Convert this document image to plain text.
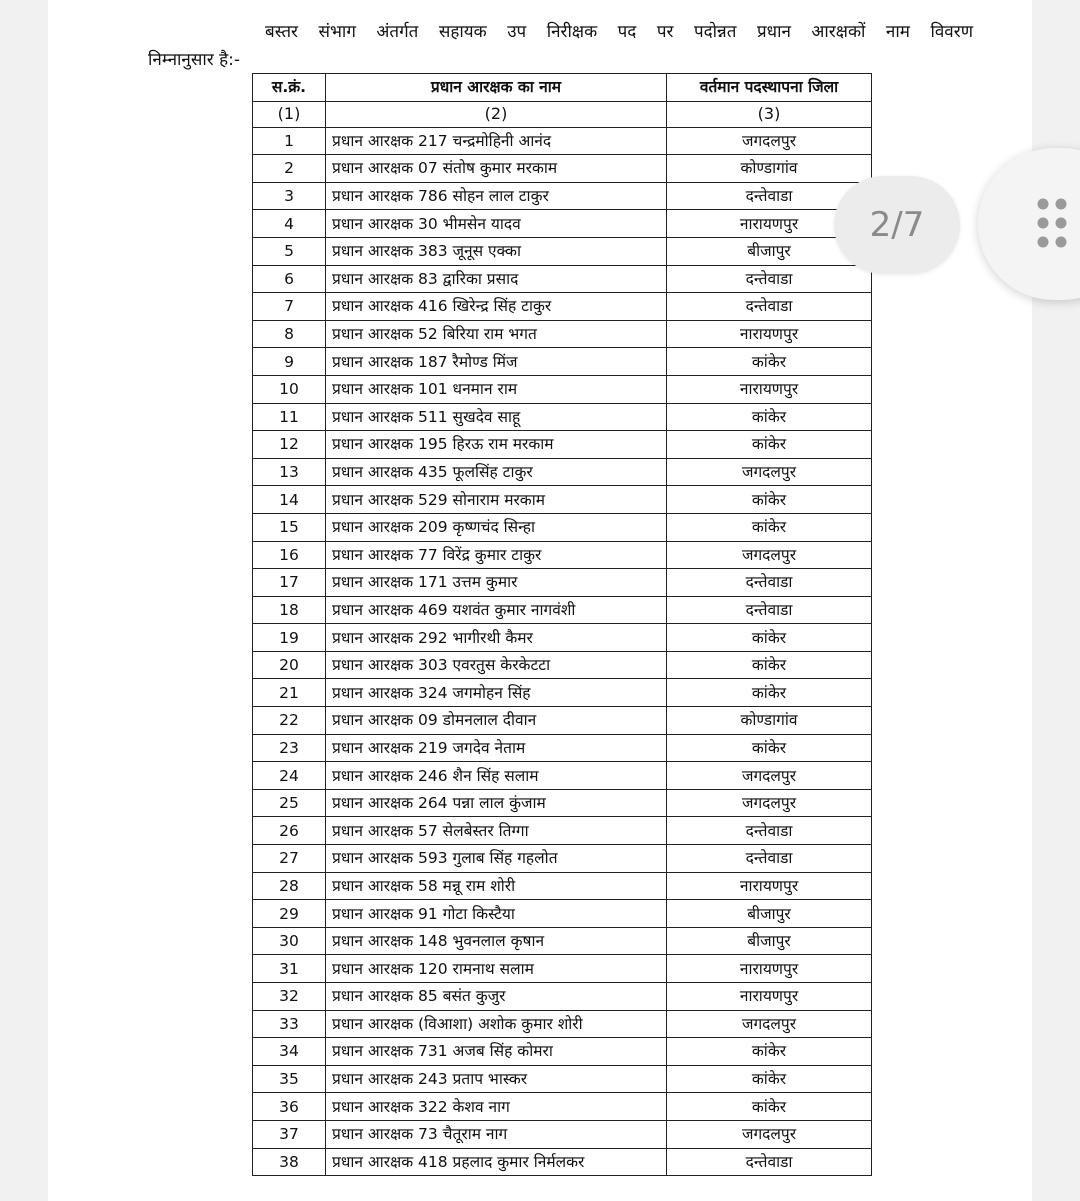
बस्तर संभाग अंतर्गत सहायक उप निरीक्षक पद पर पदोन्नत प्रधान आरक्षकों नाम विवरण
निम्नानुसार है:-
स.क्रं.	प्रधान आरक्षक का नाम	वर्तमान पदस्थापना जिला
(1)	(2)	(3)
1	प्रधान आरक्षक 217 चन्द्रमोहिनी आनंद	जगदलपुर
2	प्रधान आरक्षक 07 संतोष कुमार मरकाम	कोण्डागांव
3	प्रधान आरक्षक 786 सोहन लाल टाकुर	दन्तेवाडा
4	प्रधान आरक्षक 30 भीमसेन यादव	नारायणपुर
5	प्रधान आरक्षक 383 जूनूस एक्का	बीजापुर
6	प्रधान आरक्षक 83 द्वारिका प्रसाद	दन्तेवाडा
7	प्रधान आरक्षक 416 खिरेन्द्र सिंह टाकुर	दन्तेवाडा
8	प्रधान आरक्षक 52 बिरिया राम भगत	नारायणपुर
9	प्रधान आरक्षक 187 रैमोण्ड मिंज	कांकेर
10	प्रधान आरक्षक 101 धनमान राम	नारायणपुर
11	प्रधान आरक्षक 511 सुखदेव साहू	कांकेर
12	प्रधान आरक्षक 195 हिरऊ राम मरकाम	कांकेर
13	प्रधान आरक्षक 435 फूलसिंह टाकुर	जगदलपुर
14	प्रधान आरक्षक 529 सोनाराम मरकाम	कांकेर
15	प्रधान आरक्षक 209 कृष्णचंद सिन्हा	कांकेर
16	प्रधान आरक्षक 77 विरेंद्र कुमार टाकुर	जगदलपुर
17	प्रधान आरक्षक 171 उत्तम कुमार	दन्तेवाडा
18	प्रधान आरक्षक 469 यशवंत कुमार नागवंशी	दन्तेवाडा
19	प्रधान आरक्षक 292 भागीरथी कैमर	कांकेर
20	प्रधान आरक्षक 303 एवरतुस केरकेटटा	कांकेर
21	प्रधान आरक्षक 324 जगमोहन सिंह	कांकेर
22	प्रधान आरक्षक 09 डोमनलाल दीवान	कोण्डागांव
23	प्रधान आरक्षक 219 जगदेव नेताम	कांकेर
24	प्रधान आरक्षक 246 शैन सिंह सलाम	जगदलपुर
25	प्रधान आरक्षक 264 पन्ना लाल कुंजाम	जगदलपुर
26	प्रधान आरक्षक 57 सेलबेस्तर तिग्गा	दन्तेवाडा
27	प्रधान आरक्षक 593 गुलाब सिंह गहलोत	दन्तेवाडा
28	प्रधान आरक्षक 58 मन्नू राम शोरी	नारायणपुर
29	प्रधान आरक्षक 91 गोटा किस्टैया	बीजापुर
30	प्रधान आरक्षक 148 भुवनलाल कृषान	बीजापुर
31	प्रधान आरक्षक 120 रामनाथ सलाम	नारायणपुर
32	प्रधान आरक्षक 85 बसंत कुजुर	नारायणपुर
33	प्रधान आरक्षक (विआशा) अशोक कुमार शोरी	जगदलपुर
34	प्रधान आरक्षक 731 अजब सिंह कोमरा	कांकेर
35	प्रधान आरक्षक 243 प्रताप भास्कर	कांकेर
36	प्रधान आरक्षक 322 केशव नाग	कांकेर
37	प्रधान आरक्षक 73 चैतूराम नाग	जगदलपुर
38	प्रधान आरक्षक 418 प्रहलाद कुमार निर्मलकर	दन्तेवाडा
2/7
